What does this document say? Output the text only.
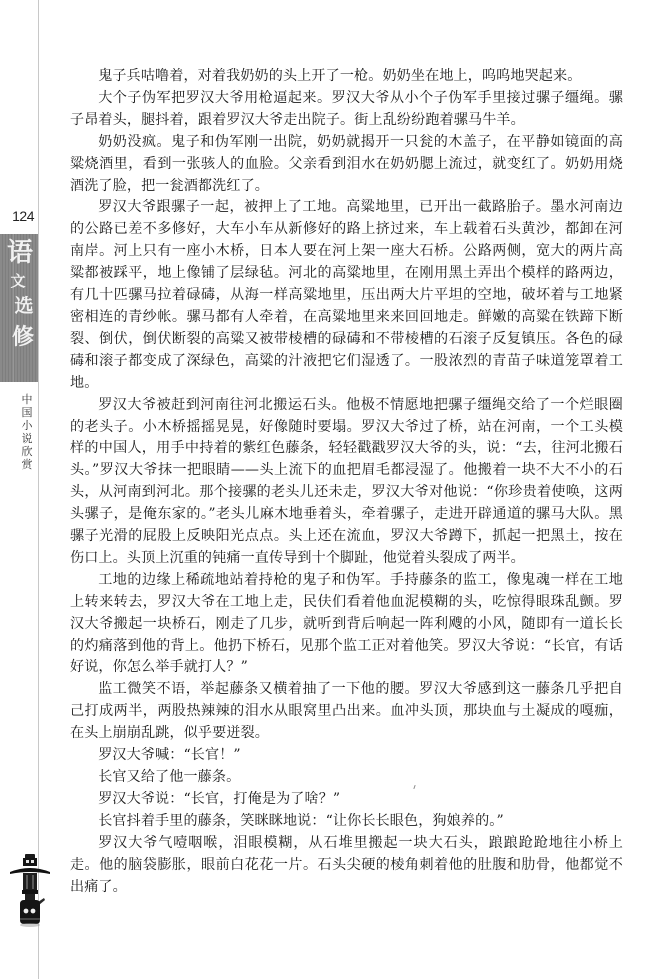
124
语
文
选
修
中
国
小
说
欣
赏

鬼子兵咕噜着，对着我奶奶的头上开了一枪。奶奶坐在地上，呜呜地哭起来。

大个子伪军把罗汉大爷用枪逼起来。罗汉大爷从小个子伪军手里接过骡子缰绳。骡子昂着头，腿抖着，跟着罗汉大爷走出院子。街上乱纷纷跑着骡马牛羊。

奶奶没疯。鬼子和伪军刚一出院，奶奶就揭开一只瓮的木盖子，在平静如镜面的高粱烧酒里，看到一张骇人的血脸。父亲看到泪水在奶奶腮上流过，就变红了。奶奶用烧酒洗了脸，把一瓮酒都洗红了。

罗汉大爷跟骡子一起，被押上了工地。高粱地里，已开出一截路胎子。墨水河南边的公路已差不多修好，大车小车从新修好的路上挤过来，车上载着石头黄沙，都卸在河南岸。河上只有一座小木桥，日本人要在河上架一座大石桥。公路两侧，宽大的两片高粱都被踩平，地上像铺了层绿毡。河北的高粱地里，在刚用黑土弄出个模样的路两边，有几十匹骡马拉着碌碡，从海一样高粱地里，压出两大片平坦的空地，破坏着与工地紧密相连的青纱帐。骡马都有人牵着，在高粱地里来来回回地走。鲜嫩的高粱在铁蹄下断裂、倒伏，倒伏断裂的高粱又被带棱槽的碌碡和不带棱槽的石滚子反复镇压。各色的碌碡和滚子都变成了深绿色，高粱的汁液把它们湿透了。一股浓烈的青苗子味道笼罩着工地。

罗汉大爷被赶到河南往河北搬运石头。他极不情愿地把骡子缰绳交给了一个烂眼圈的老头子。小木桥摇摇晃晃，好像随时要塌。罗汉大爷过了桥，站在河南，一个工头模样的中国人，用手中持着的紫红色藤条，轻轻戳戳罗汉大爷的头，说：“去，往河北搬石头。”罗汉大爷抹一把眼睛——头上流下的血把眉毛都浸湿了。他搬着一块不大不小的石头，从河南到河北。那个接骡的老头儿还未走，罗汉大爷对他说：“你珍贵着使唤，这两头骡子，是俺东家的。”老头儿麻木地垂着头，牵着骡子，走进开辟通道的骡马大队。黑骡子光滑的屁股上反映阳光点点。头上还在流血，罗汉大爷蹲下，抓起一把黑土，按在伤口上。头顶上沉重的钝痛一直传导到十个脚趾，他觉着头裂成了两半。

工地的边缘上稀疏地站着持枪的鬼子和伪军。手持藤条的监工，像鬼魂一样在工地上转来转去，罗汉大爷在工地上走，民伕们看着他血泥模糊的头，吃惊得眼珠乱颤。罗汉大爷搬起一块桥石，刚走了几步，就听到背后响起一阵利飕的小风，随即有一道长长的灼痛落到他的背上。他扔下桥石，见那个监工正对着他笑。罗汉大爷说：“长官，有话好说，你怎么举手就打人？”

监工微笑不语，举起藤条又横着抽了一下他的腰。罗汉大爷感到这一藤条几乎把自己打成两半，两股热辣辣的泪水从眼窝里凸出来。血冲头顶，那块血与土凝成的嘎痂，在头上崩崩乱跳，似乎要迸裂。

罗汉大爷喊：“长官！”

长官又给了他一藤条。

罗汉大爷说：“长官，打俺是为了啥？”

长官抖着手里的藤条，笑眯眯地说：“让你长长眼色，狗娘养的。”

罗汉大爷气噎咽喉，泪眼模糊，从石堆里搬起一块大石头，踉踉跄跄地往小桥上走。他的脑袋膨胀，眼前白花花一片。石头尖硬的棱角刺着他的肚腹和肋骨，他都觉不出痛了。
